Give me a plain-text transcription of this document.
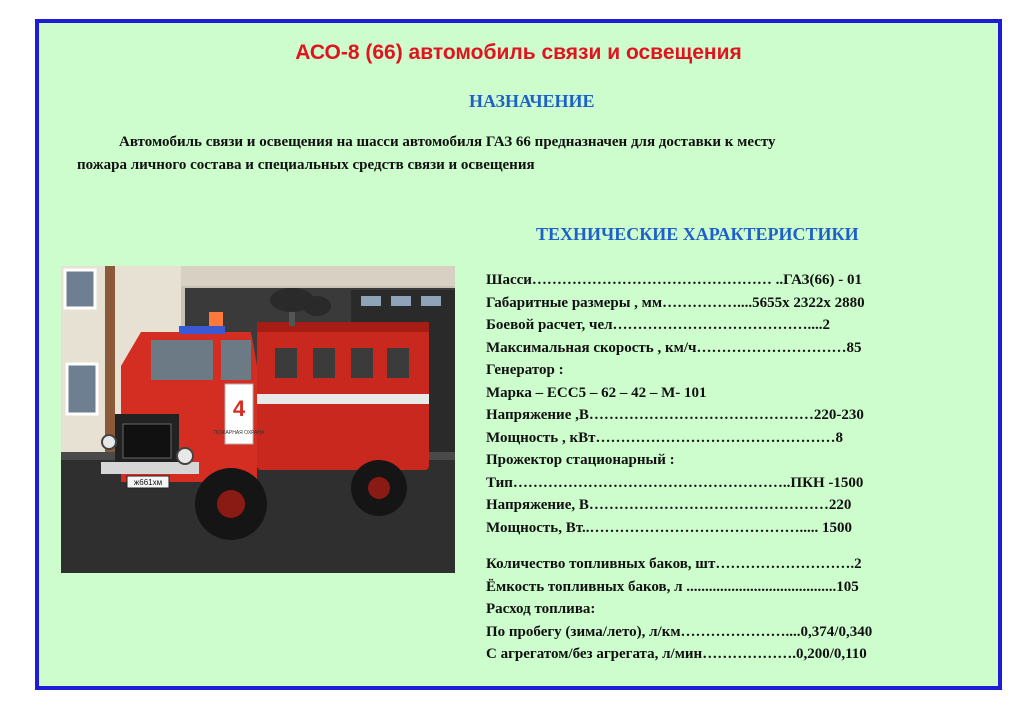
АСО-8 (66) автомобиль связи и освещения
НАЗНАЧЕНИЕ
Автомобиль связи и освещения на шасси автомобиля ГАЗ 66 предназначен для доставки к месту
пожара личного состава и специальных средств связи и освещения
ТЕХНИЧЕСКИЕ ХАРАКТЕРИСТИКИ
4
ПОЖАРНАЯ ОХРАНА
ж661хм
Шасси………………………………………… ..ГАЗ(66) - 01
Габаритные размеры , мм……………....5655х 2322х 2880
Боевой расчет, чел…………………………………....2
Максимальная скорость , км/ч…………………………85
Генератор :
Марка – ЕСС5 – 62 – 42 – М- 101
Напряжение ,В………………………………………220-230
Мощность , кВт…………………………………………8
Прожектор стационарный :
Тип………………………………………………..ПКН -1500
Напряжение, В…………………………………………220
Мощность, Вт..……………………………………..... 1500
Количество топливных баков, шт……………………….2
Ёмкость топливных баков, л ........................................105
Расход топлива:
По пробегу (зима/лето), л/км…………………....0,374/0,340
С агрегатом/без агрегата, л/мин……………….0,200/0,110
